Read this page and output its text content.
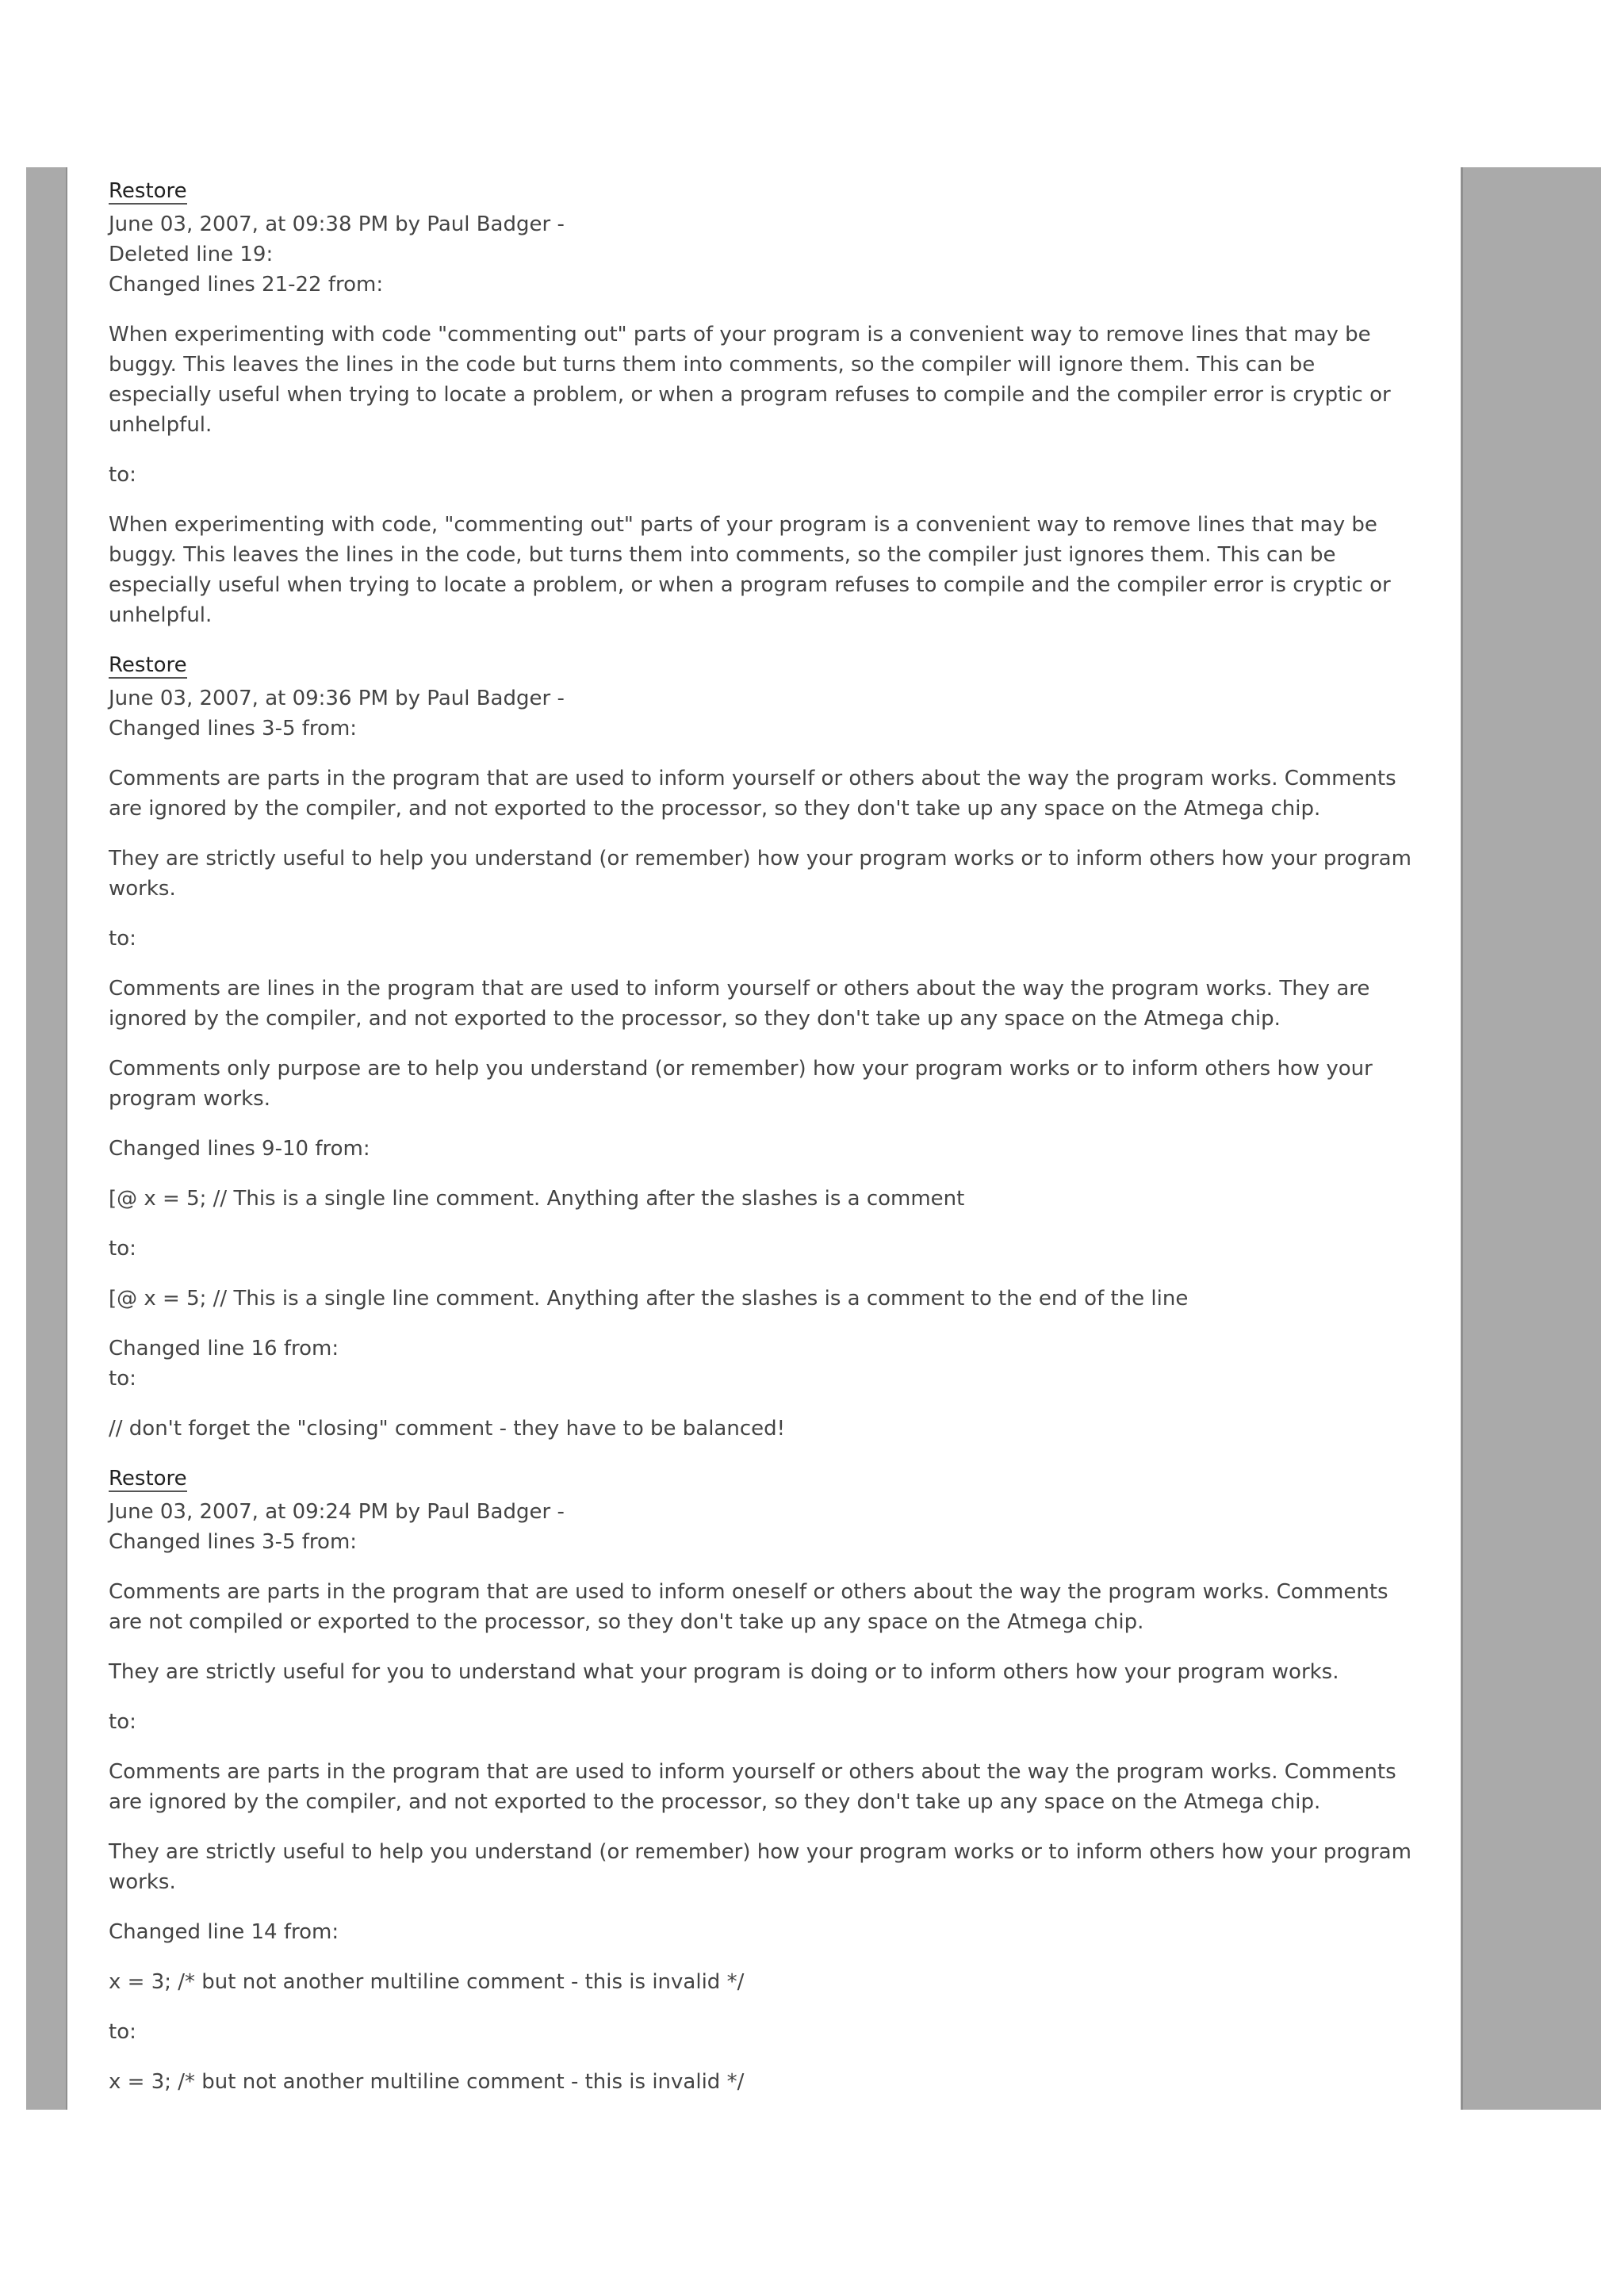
Restore
June 03, 2007, at 09:38 PM by Paul Badger -
Deleted line 19:
Changed lines 21-22 from:

When experimenting with code "commenting out" parts of your program is a convenient way to remove lines that may be buggy. This leaves the lines in the code but turns them into comments, so the compiler will ignore them. This can be especially useful when trying to locate a problem, or when a program refuses to compile and the compiler error is cryptic or unhelpful.

to:

When experimenting with code, "commenting out" parts of your program is a convenient way to remove lines that may be buggy. This leaves the lines in the code, but turns them into comments, so the compiler just ignores them. This can be especially useful when trying to locate a problem, or when a program refuses to compile and the compiler error is cryptic or unhelpful.

Restore
June 03, 2007, at 09:36 PM by Paul Badger -
Changed lines 3-5 from:

Comments are parts in the program that are used to inform yourself or others about the way the program works. Comments are ignored by the compiler, and not exported to the processor, so they don't take up any space on the Atmega chip.

They are strictly useful to help you understand (or remember) how your program works or to inform others how your program works.

to:

Comments are lines in the program that are used to inform yourself or others about the way the program works. They are ignored by the compiler, and not exported to the processor, so they don't take up any space on the Atmega chip.

Comments only purpose are to help you understand (or remember) how your program works or to inform others how your program works.

Changed lines 9-10 from:

[@ x = 5; // This is a single line comment. Anything after the slashes is a comment

to:

[@ x = 5; // This is a single line comment. Anything after the slashes is a comment to the end of the line

Changed line 16 from:
to:

// don't forget the "closing" comment - they have to be balanced!

Restore
June 03, 2007, at 09:24 PM by Paul Badger -
Changed lines 3-5 from:

Comments are parts in the program that are used to inform oneself or others about the way the program works. Comments are not compiled or exported to the processor, so they don't take up any space on the Atmega chip.

They are strictly useful for you to understand what your program is doing or to inform others how your program works.

to:

Comments are parts in the program that are used to inform yourself or others about the way the program works. Comments are ignored by the compiler, and not exported to the processor, so they don't take up any space on the Atmega chip.

They are strictly useful to help you understand (or remember) how your program works or to inform others how your program works.

Changed line 14 from:

x = 3; /* but not another multiline comment - this is invalid */

to:

x = 3; /* but not another multiline comment - this is invalid */
